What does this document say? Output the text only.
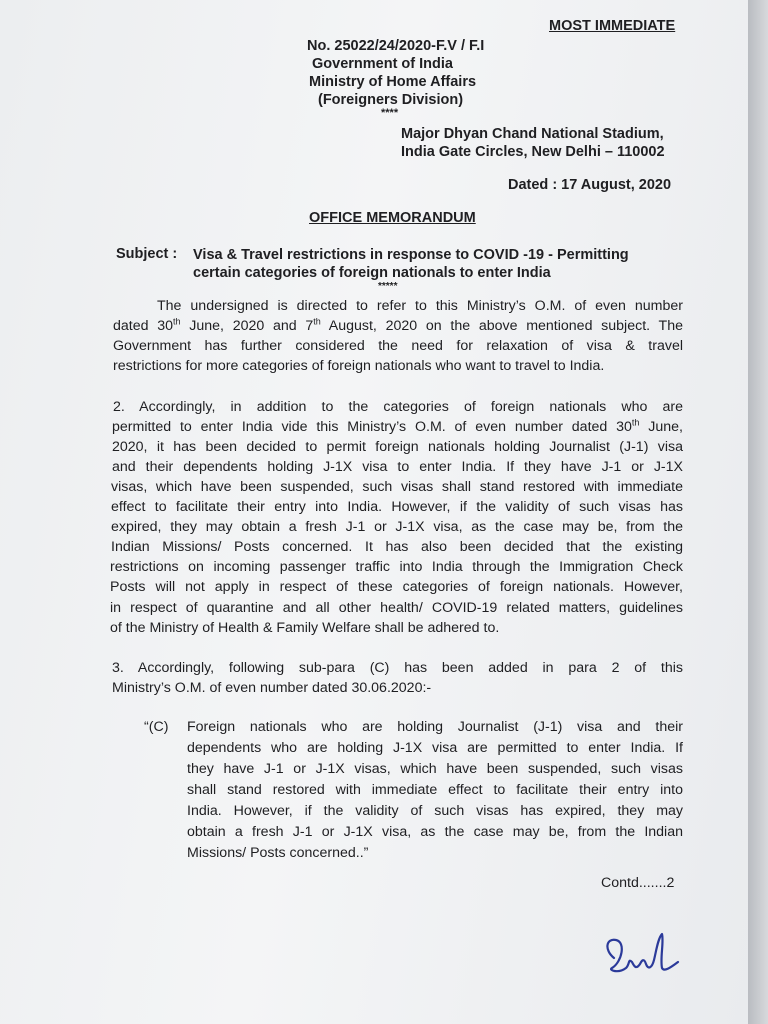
MOST IMMEDIATE
No. 25022/24/2020-F.V / F.I
Government of India
Ministry of Home Affairs
(Foreigners Division)
****
Major Dhyan Chand National Stadium,
India Gate Circles, New Delhi – 110002
Dated : 17 August, 2020
OFFICE MEMORANDUM
Subject : Visa & Travel restrictions in response to COVID -19 - Permitting
certain categories of foreign nationals to enter India
*****
The undersigned is directed to refer to this Ministry’s O.M. of even number
dated 30th June, 2020 and 7th August, 2020 on the above mentioned subject. The
Government has further considered the need for relaxation of visa & travel
restrictions for more categories of foreign nationals who want to travel to India.
2. Accordingly, in addition to the categories of foreign nationals who are
permitted to enter India vide this Ministry’s O.M. of even number dated 30th June,
2020, it has been decided to permit foreign nationals holding Journalist (J-1) visa
and their dependents holding J-1X visa to enter India. If they have J-1 or J-1X
visas, which have been suspended, such visas shall stand restored with immediate
effect to facilitate their entry into India. However, if the validity of such visas has
expired, they may obtain a fresh J-1 or J-1X visa, as the case may be, from the
Indian Missions/ Posts concerned. It has also been decided that the existing
restrictions on incoming passenger traffic into India through the Immigration Check
Posts will not apply in respect of these categories of foreign nationals. However,
in respect of quarantine and all other health/ COVID-19 related matters, guidelines
of the Ministry of Health & Family Welfare shall be adhered to.
3. Accordingly, following sub-para (C) has been added in para 2 of this
Ministry’s O.M. of even number dated 30.06.2020:-
“(C) Foreign nationals who are holding Journalist (J-1) visa and their
dependents who are holding J-1X visa are permitted to enter India. If
they have J-1 or J-1X visas, which have been suspended, such visas
shall stand restored with immediate effect to facilitate their entry into
India. However, if the validity of such visas has expired, they may
obtain a fresh J-1 or J-1X visa, as the case may be, from the Indian
Missions/ Posts concerned..”
Contd.......2
